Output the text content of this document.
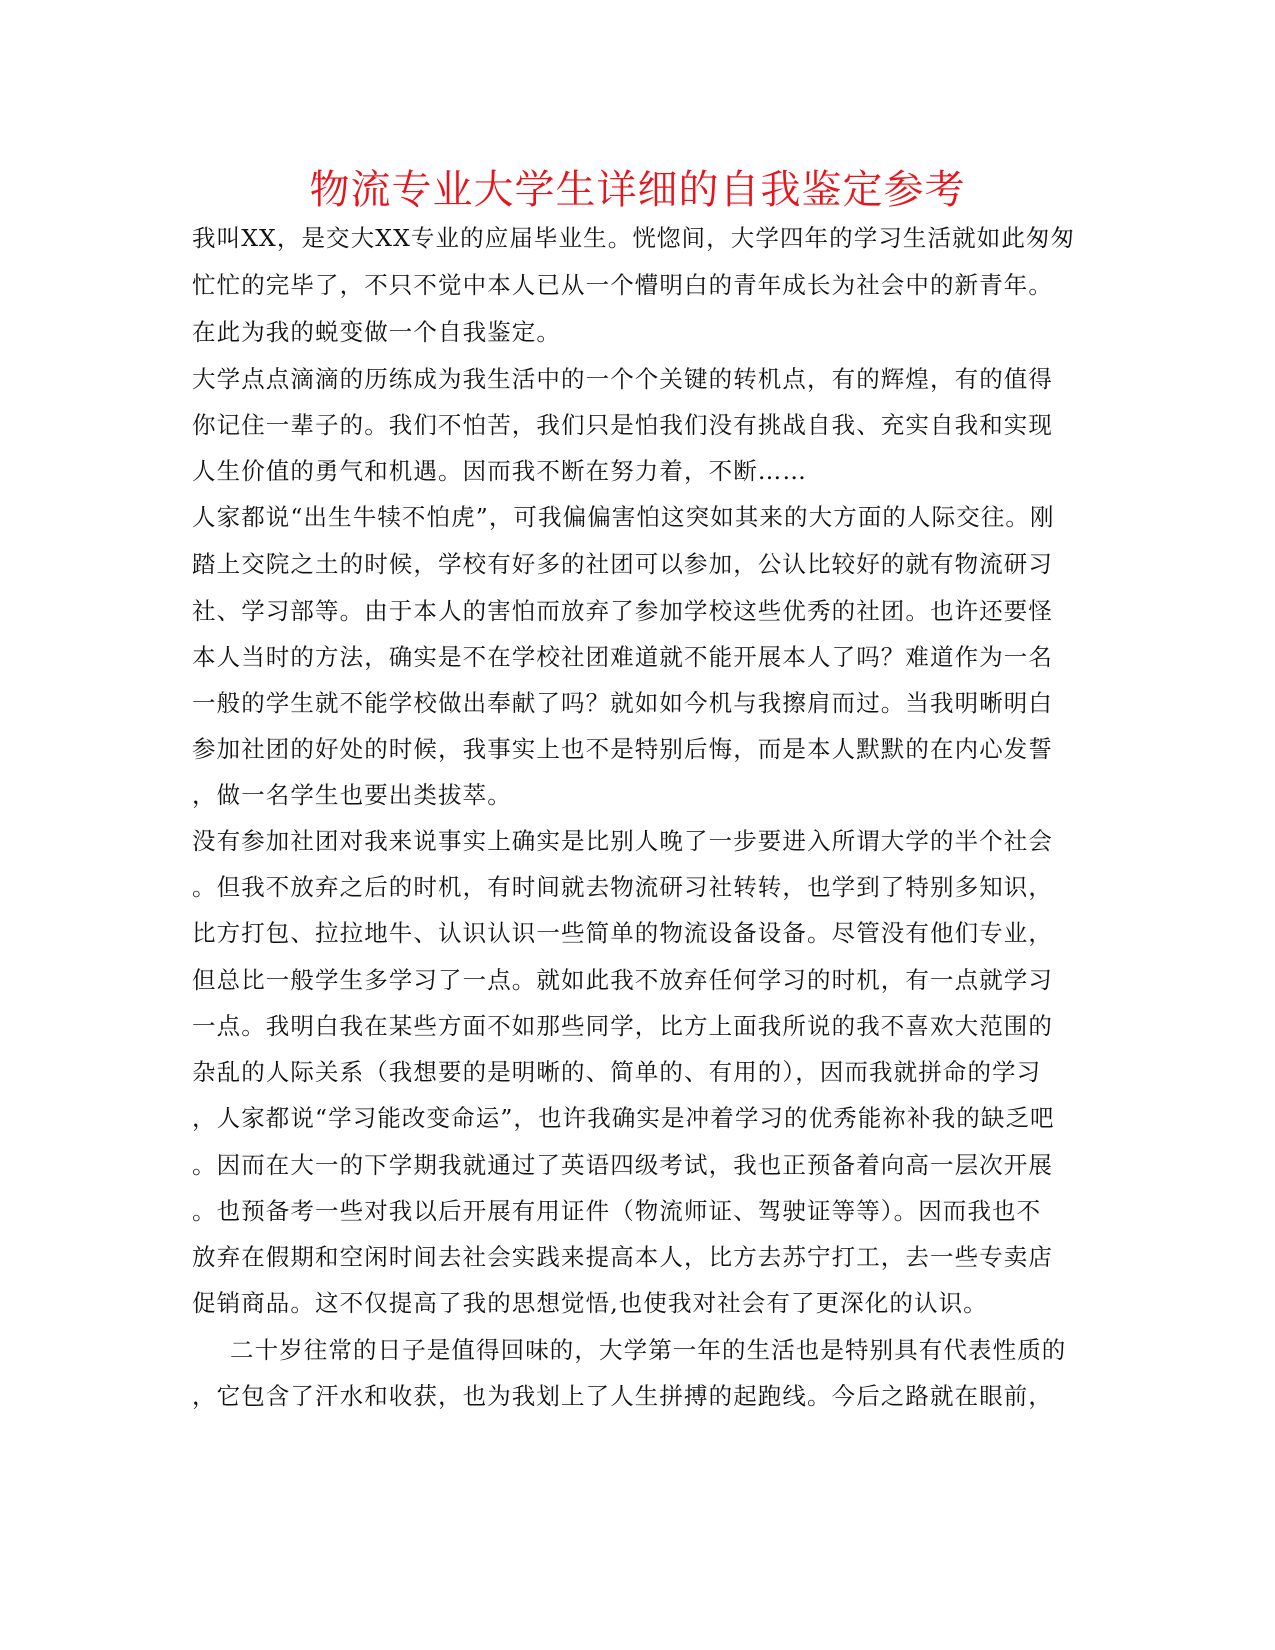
物流专业大学生详细的自我鉴定参考
我叫XX，是交大XX专业的应届毕业生。恍惚间，大学四年的学习生活就如此匆匆
忙忙的完毕了，不只不觉中本人已从一个懵明白的青年成长为社会中的新青年。
在此为我的蜕变做一个自我鉴定。
大学点点滴滴的历练成为我生活中的一个个关键的转机点，有的辉煌，有的值得
你记住一辈子的。我们不怕苦，我们只是怕我们没有挑战自我、充实自我和实现
人生价值的勇气和机遇。因而我不断在努力着，不断……
人家都说“出生牛犊不怕虎”，可我偏偏害怕这突如其来的大方面的人际交往。刚
踏上交院之土的时候，学校有好多的社团可以参加，公认比较好的就有物流研习
社、学习部等。由于本人的害怕而放弃了参加学校这些优秀的社团。也许还要怪
本人当时的方法，确实是不在学校社团难道就不能开展本人了吗？难道作为一名
一般的学生就不能学校做出奉献了吗？就如如今机与我擦肩而过。当我明晰明白
参加社团的好处的时候，我事实上也不是特别后悔，而是本人默默的在内心发誓
，做一名学生也要出类拔萃。
没有参加社团对我来说事实上确实是比别人晚了一步要进入所谓大学的半个社会
。但我不放弃之后的时机，有时间就去物流研习社转转，也学到了特别多知识，
比方打包、拉拉地牛、认识认识一些简单的物流设备设备。尽管没有他们专业，
但总比一般学生多学习了一点。就如此我不放弃任何学习的时机，有一点就学习
一点。我明白我在某些方面不如那些同学，比方上面我所说的我不喜欢大范围的
杂乱的人际关系（我想要的是明晰的、简单的、有用的），因而我就拼命的学习
，人家都说“学习能改变命运”，也许我确实是冲着学习的优秀能祢补我的缺乏吧
。因而在大一的下学期我就通过了英语四级考试，我也正预备着向高一层次开展
。也预备考一些对我以后开展有用证件（物流师证、驾驶证等等）。因而我也不
放弃在假期和空闲时间去社会实践来提高本人，比方去苏宁打工，去一些专卖店
促销商品。这不仅提高了我的思想觉悟,也使我对社会有了更深化的认识。
二十岁往常的日子是值得回味的，大学第一年的生活也是特别具有代表性质的
，它包含了汗水和收获，也为我划上了人生拼搏的起跑线。今后之路就在眼前，
